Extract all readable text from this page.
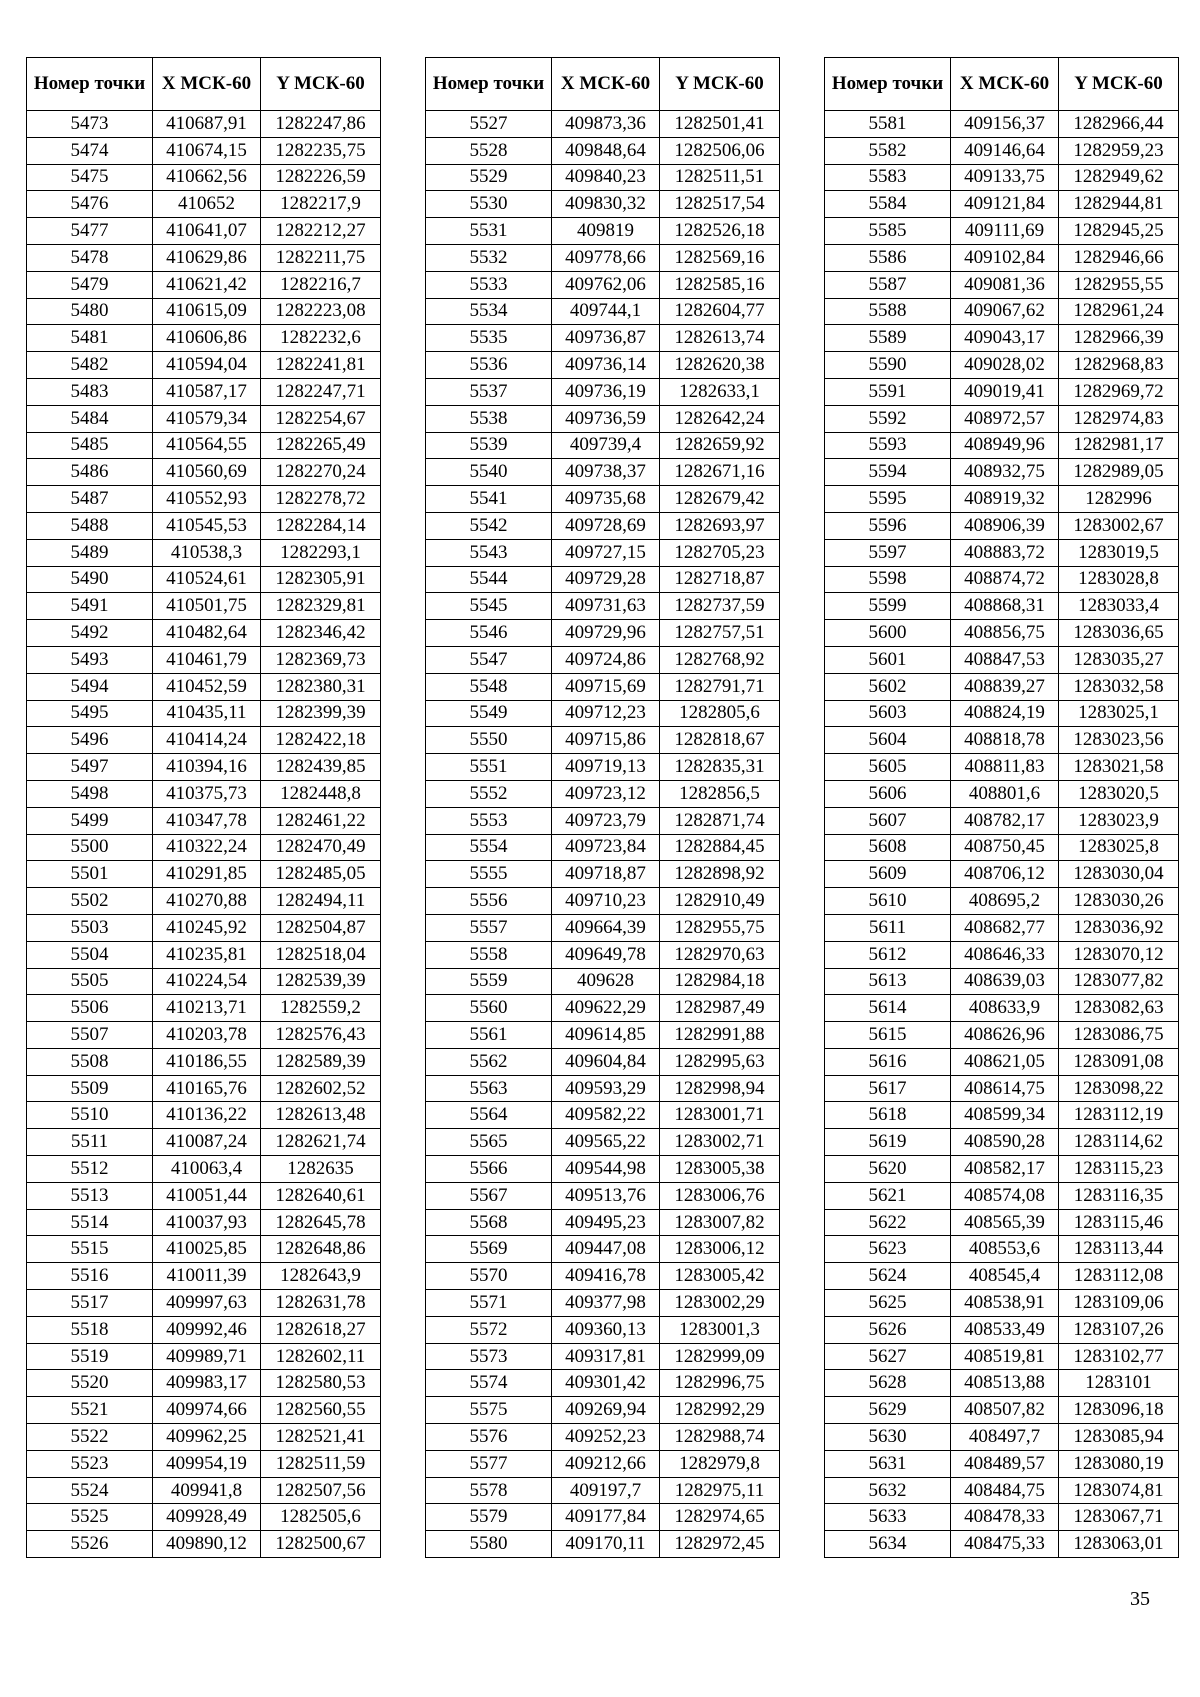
Номер точки	X МСК-60	Y МСК-60
5473	410687,91	1282247,86
5474	410674,15	1282235,75
5475	410662,56	1282226,59
5476	410652	1282217,9
5477	410641,07	1282212,27
5478	410629,86	1282211,75
5479	410621,42	1282216,7
5480	410615,09	1282223,08
5481	410606,86	1282232,6
5482	410594,04	1282241,81
5483	410587,17	1282247,71
5484	410579,34	1282254,67
5485	410564,55	1282265,49
5486	410560,69	1282270,24
5487	410552,93	1282278,72
5488	410545,53	1282284,14
5489	410538,3	1282293,1
5490	410524,61	1282305,91
5491	410501,75	1282329,81
5492	410482,64	1282346,42
5493	410461,79	1282369,73
5494	410452,59	1282380,31
5495	410435,11	1282399,39
5496	410414,24	1282422,18
5497	410394,16	1282439,85
5498	410375,73	1282448,8
5499	410347,78	1282461,22
5500	410322,24	1282470,49
5501	410291,85	1282485,05
5502	410270,88	1282494,11
5503	410245,92	1282504,87
5504	410235,81	1282518,04
5505	410224,54	1282539,39
5506	410213,71	1282559,2
5507	410203,78	1282576,43
5508	410186,55	1282589,39
5509	410165,76	1282602,52
5510	410136,22	1282613,48
5511	410087,24	1282621,74
5512	410063,4	1282635
5513	410051,44	1282640,61
5514	410037,93	1282645,78
5515	410025,85	1282648,86
5516	410011,39	1282643,9
5517	409997,63	1282631,78
5518	409992,46	1282618,27
5519	409989,71	1282602,11
5520	409983,17	1282580,53
5521	409974,66	1282560,55
5522	409962,25	1282521,41
5523	409954,19	1282511,59
5524	409941,8	1282507,56
5525	409928,49	1282505,6
5526	409890,12	1282500,67
Номер точки	X МСК-60	Y МСК-60
5527	409873,36	1282501,41
5528	409848,64	1282506,06
5529	409840,23	1282511,51
5530	409830,32	1282517,54
5531	409819	1282526,18
5532	409778,66	1282569,16
5533	409762,06	1282585,16
5534	409744,1	1282604,77
5535	409736,87	1282613,74
5536	409736,14	1282620,38
5537	409736,19	1282633,1
5538	409736,59	1282642,24
5539	409739,4	1282659,92
5540	409738,37	1282671,16
5541	409735,68	1282679,42
5542	409728,69	1282693,97
5543	409727,15	1282705,23
5544	409729,28	1282718,87
5545	409731,63	1282737,59
5546	409729,96	1282757,51
5547	409724,86	1282768,92
5548	409715,69	1282791,71
5549	409712,23	1282805,6
5550	409715,86	1282818,67
5551	409719,13	1282835,31
5552	409723,12	1282856,5
5553	409723,79	1282871,74
5554	409723,84	1282884,45
5555	409718,87	1282898,92
5556	409710,23	1282910,49
5557	409664,39	1282955,75
5558	409649,78	1282970,63
5559	409628	1282984,18
5560	409622,29	1282987,49
5561	409614,85	1282991,88
5562	409604,84	1282995,63
5563	409593,29	1282998,94
5564	409582,22	1283001,71
5565	409565,22	1283002,71
5566	409544,98	1283005,38
5567	409513,76	1283006,76
5568	409495,23	1283007,82
5569	409447,08	1283006,12
5570	409416,78	1283005,42
5571	409377,98	1283002,29
5572	409360,13	1283001,3
5573	409317,81	1282999,09
5574	409301,42	1282996,75
5575	409269,94	1282992,29
5576	409252,23	1282988,74
5577	409212,66	1282979,8
5578	409197,7	1282975,11
5579	409177,84	1282974,65
5580	409170,11	1282972,45
Номер точки	X МСК-60	Y МСК-60
5581	409156,37	1282966,44
5582	409146,64	1282959,23
5583	409133,75	1282949,62
5584	409121,84	1282944,81
5585	409111,69	1282945,25
5586	409102,84	1282946,66
5587	409081,36	1282955,55
5588	409067,62	1282961,24
5589	409043,17	1282966,39
5590	409028,02	1282968,83
5591	409019,41	1282969,72
5592	408972,57	1282974,83
5593	408949,96	1282981,17
5594	408932,75	1282989,05
5595	408919,32	1282996
5596	408906,39	1283002,67
5597	408883,72	1283019,5
5598	408874,72	1283028,8
5599	408868,31	1283033,4
5600	408856,75	1283036,65
5601	408847,53	1283035,27
5602	408839,27	1283032,58
5603	408824,19	1283025,1
5604	408818,78	1283023,56
5605	408811,83	1283021,58
5606	408801,6	1283020,5
5607	408782,17	1283023,9
5608	408750,45	1283025,8
5609	408706,12	1283030,04
5610	408695,2	1283030,26
5611	408682,77	1283036,92
5612	408646,33	1283070,12
5613	408639,03	1283077,82
5614	408633,9	1283082,63
5615	408626,96	1283086,75
5616	408621,05	1283091,08
5617	408614,75	1283098,22
5618	408599,34	1283112,19
5619	408590,28	1283114,62
5620	408582,17	1283115,23
5621	408574,08	1283116,35
5622	408565,39	1283115,46
5623	408553,6	1283113,44
5624	408545,4	1283112,08
5625	408538,91	1283109,06
5626	408533,49	1283107,26
5627	408519,81	1283102,77
5628	408513,88	1283101
5629	408507,82	1283096,18
5630	408497,7	1283085,94
5631	408489,57	1283080,19
5632	408484,75	1283074,81
5633	408478,33	1283067,71
5634	408475,33	1283063,01
35
